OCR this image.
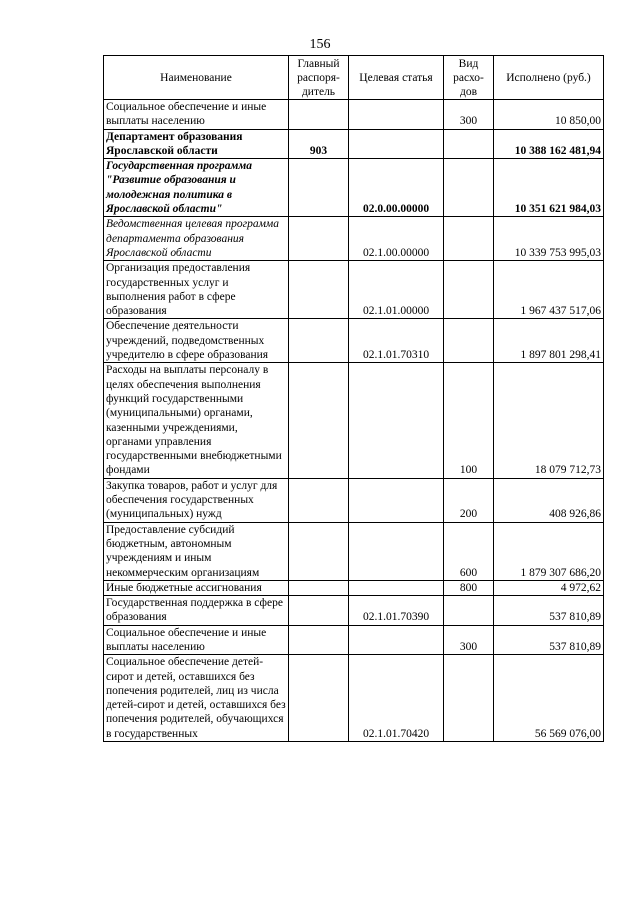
156
Наименование	Главный распоря-дитель	Целевая статья	Вид расхо-дов	Исполнено (руб.)
Социальное обеспечение и иные выплаты населению			300	10 850,00
Департамент образования Ярославской области	903			10 388 162 481,94
Государственная программа "Развитие образования и молодежная политика в Ярославской области"		02.0.00.00000		10 351 621 984,03
Ведомственная целевая программа департамента образования Ярославской области		02.1.00.00000		10 339 753 995,03
Организация предоставления государственных услуг и выполнения работ в сфере образования		02.1.01.00000		1 967 437 517,06
Обеспечение деятельности учреждений, подведомственных учредителю в сфере образования		02.1.01.70310		1 897 801 298,41
Расходы на выплаты персоналу в целях обеспечения выполнения функций государственными (муниципальными) органами, казенными учреждениями, органами управления государственными внебюджетными фондами			100	18 079 712,73
Закупка товаров, работ и услуг для обеспечения государственных (муниципальных) нужд			200	408 926,86
Предоставление субсидий бюджетным, автономным учреждениям и иным некоммерческим организациям			600	1 879 307 686,20
Иные бюджетные ассигнования			800	4 972,62
Государственная поддержка в сфере образования		02.1.01.70390		537 810,89
Социальное обеспечение и иные выплаты населению			300	537 810,89
Социальное обеспечение детей-сирот и детей, оставшихся без попечения родителей, лиц из числа детей-сирот и детей, оставшихся без попечения родителей, обучающихся в государственных		02.1.01.70420		56 569 076,00
